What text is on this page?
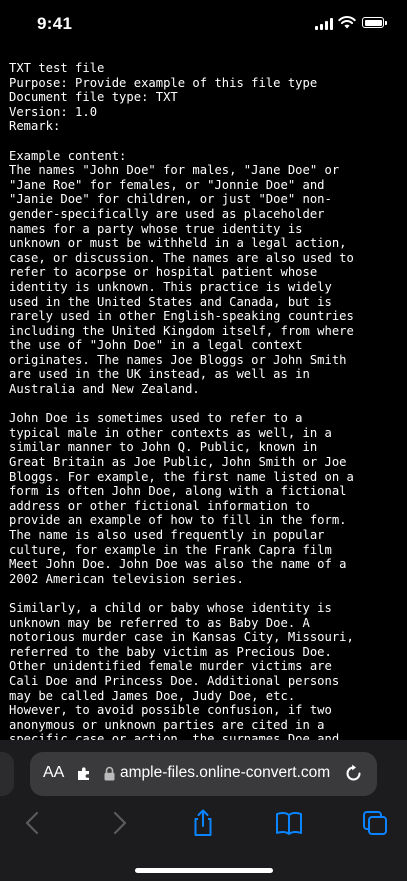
9:41
TXT test file
Purpose: Provide example of this file type
Document file type: TXT
Version: 1.0
Remark:

Example content:
The names "John Doe" for males, "Jane Doe" or
"Jane Roe" for females, or "Jonnie Doe" and
"Janie Doe" for children, or just "Doe" non-
gender-specifically are used as placeholder
names for a party whose true identity is
unknown or must be withheld in a legal action,
case, or discussion. The names are also used to
refer to acorpse or hospital patient whose
identity is unknown. This practice is widely
used in the United States and Canada, but is
rarely used in other English-speaking countries
including the United Kingdom itself, from where
the use of "John Doe" in a legal context
originates. The names Joe Bloggs or John Smith
are used in the UK instead, as well as in
Australia and New Zealand.

John Doe is sometimes used to refer to a
typical male in other contexts as well, in a
similar manner to John Q. Public, known in
Great Britain as Joe Public, John Smith or Joe
Bloggs. For example, the first name listed on a
form is often John Doe, along with a fictional
address or other fictional information to
provide an example of how to fill in the form.
The name is also used frequently in popular
culture, for example in the Frank Capra film
Meet John Doe. John Doe was also the name of a
2002 American television series.

Similarly, a child or baby whose identity is
unknown may be referred to as Baby Doe. A
notorious murder case in Kansas City, Missouri,
referred to the baby victim as Precious Doe.
Other unidentified female murder victims are
Cali Doe and Princess Doe. Additional persons
may be called James Doe, Judy Doe, etc.
However, to avoid possible confusion, if two
anonymous or unknown parties are cited in a

AA	ample-files.online-convert.com
